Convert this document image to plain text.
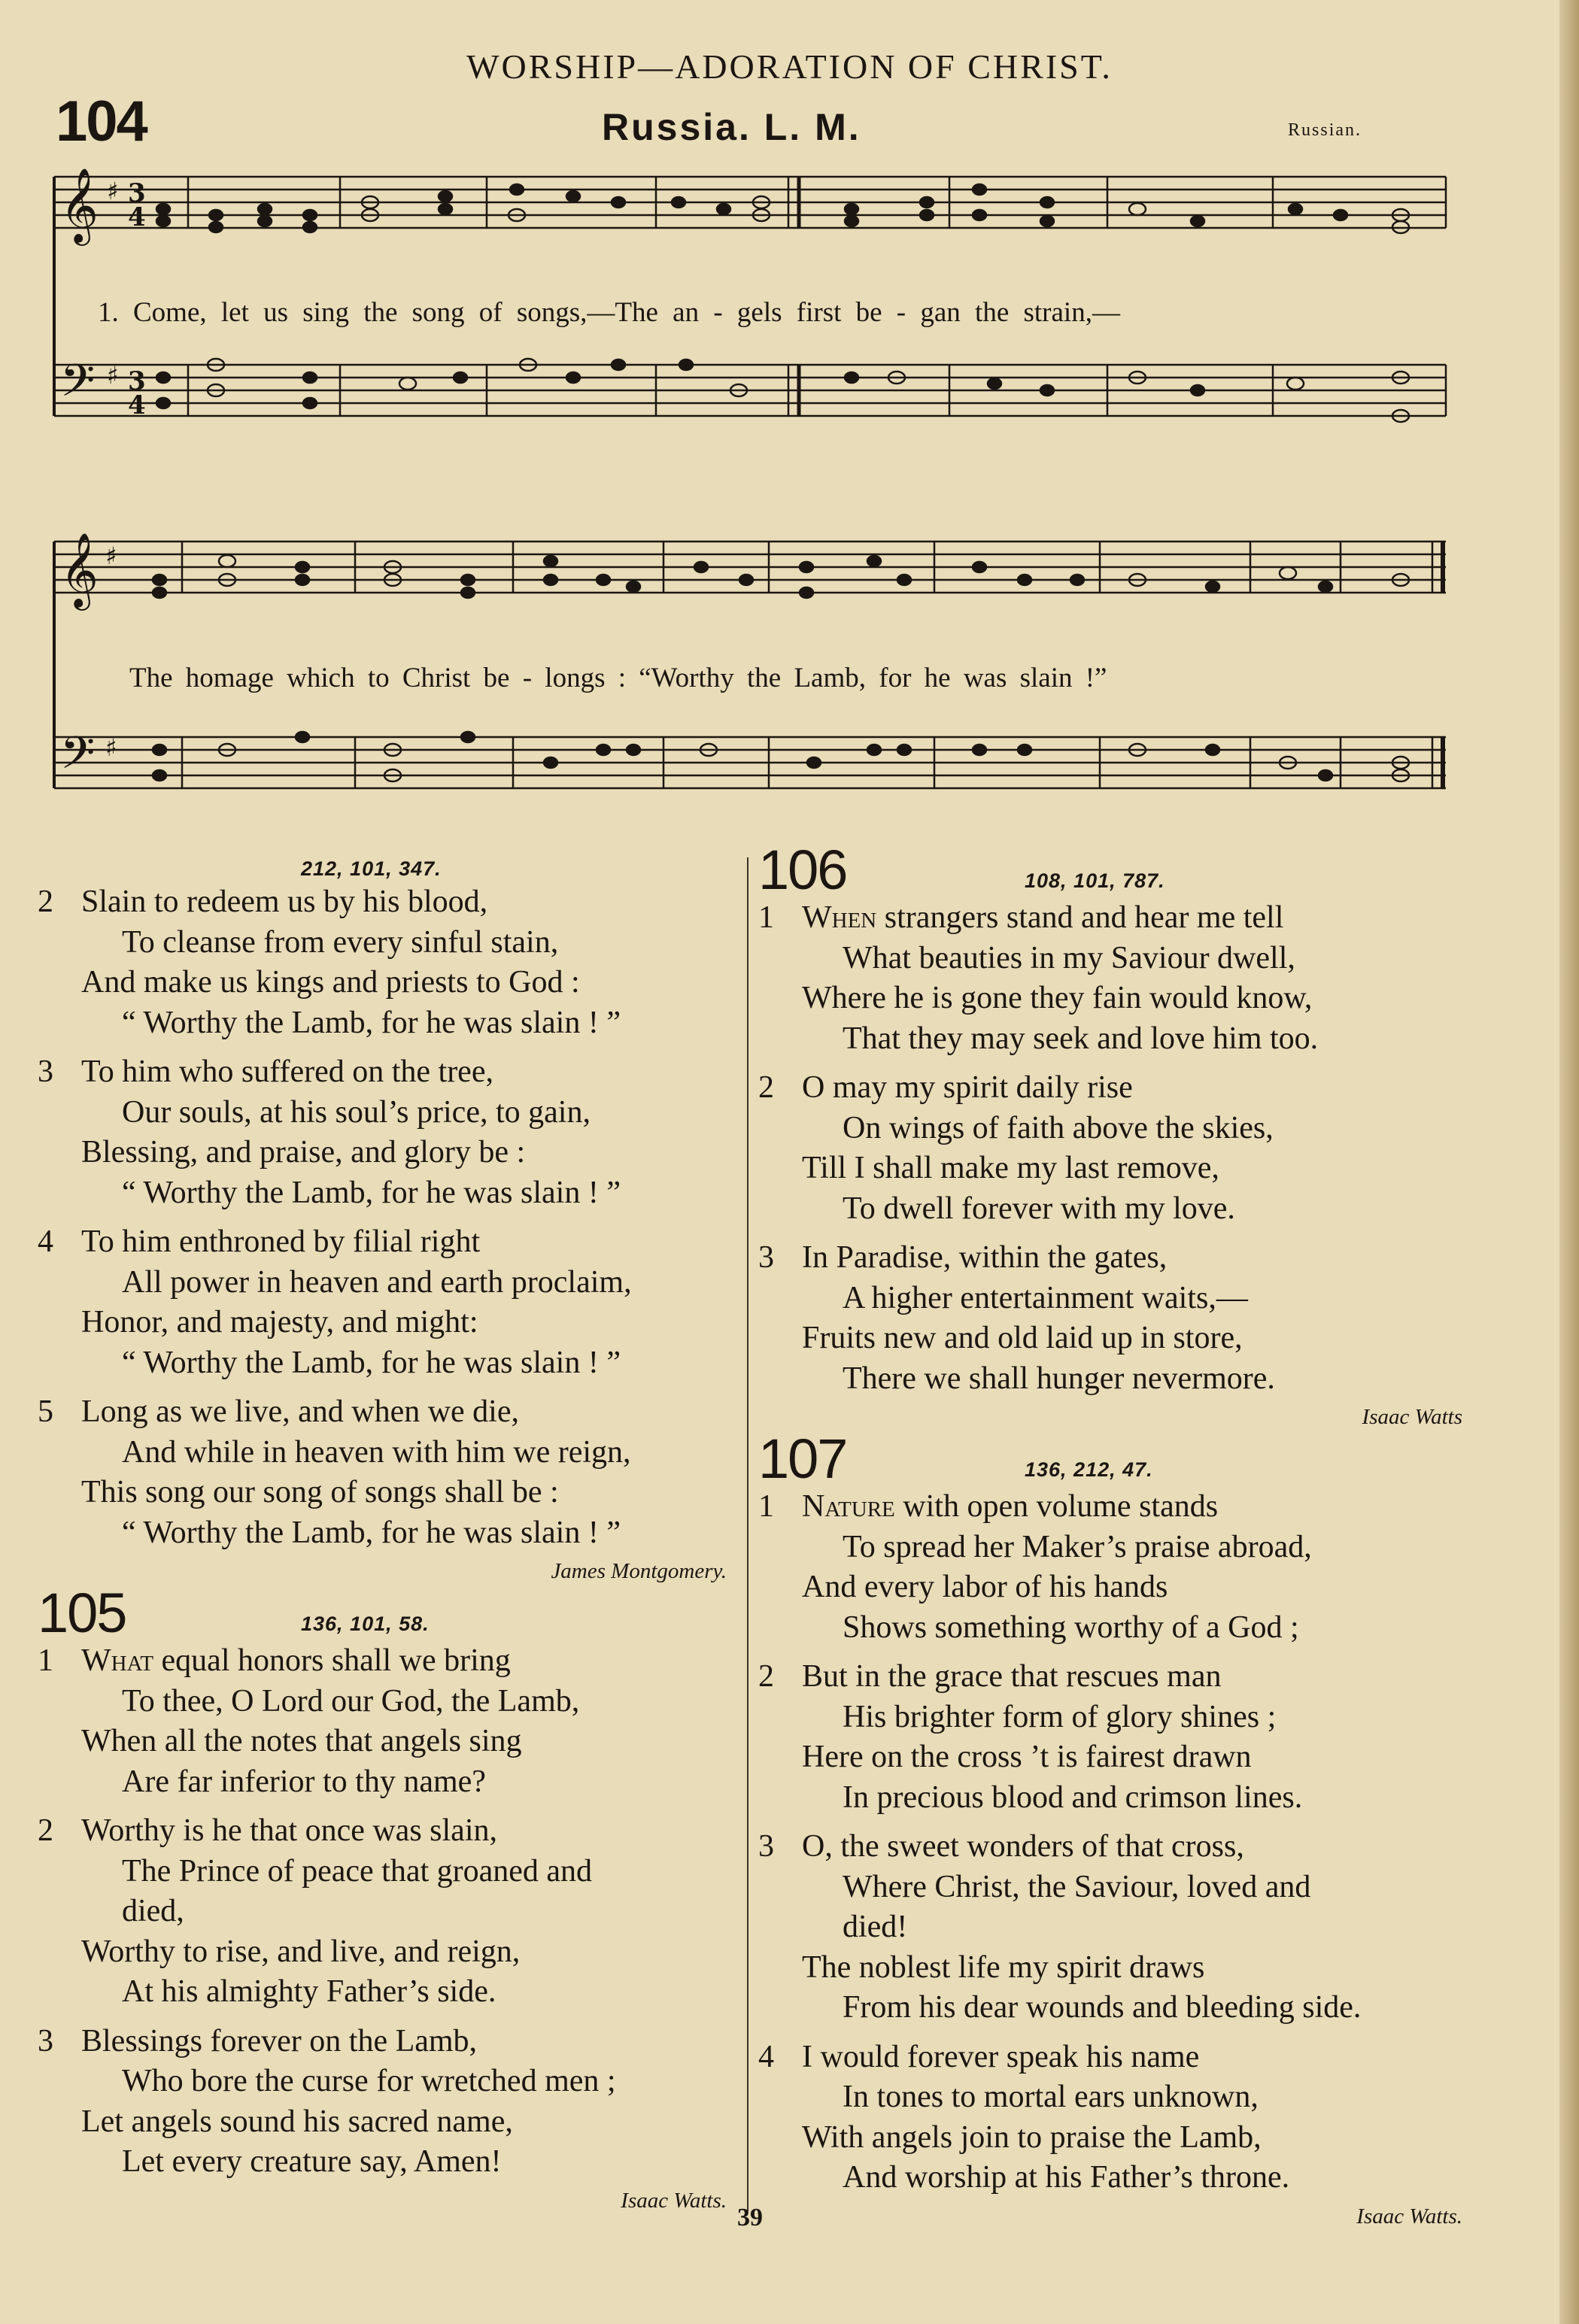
WORSHIP—ADORATION OF CHRIST.
104	Russia. L. M.	Russian.
𝄞
𝄢
♯
♯
3
4
3
4
1. Come, let us sing the song of songs,—The an - gels first be - gan the strain,—
𝄞
𝄢
♯
♯
The homage which to Christ be - longs : “Worthy the Lamb, for he was slain !”
212, 101, 347.
2 Slain to redeem us by his blood,
To cleanse from every sinful stain,
And make us kings and priests to God :
“ Worthy the Lamb, for he was slain ! ”
3 To him who suffered on the tree,
Our souls, at his soul’s price, to gain,
Blessing, and praise, and glory be :
“ Worthy the Lamb, for he was slain ! ”
4 To him enthroned by filial right
All power in heaven and earth proclaim,
Honor, and majesty, and might:
“ Worthy the Lamb, for he was slain ! ”
5 Long as we live, and when we die,
And while in heaven with him we reign,
This song our song of songs shall be :
“ Worthy the Lamb, for he was slain ! ”
James Montgomery.
105	136, 101, 58.
1 What equal honors shall we bring
To thee, O Lord our God, the Lamb,
When all the notes that angels sing
Are far inferior to thy name?
2 Worthy is he that once was slain,
The Prince of peace that groaned and
died,
Worthy to rise, and live, and reign,
At his almighty Father’s side.
3 Blessings forever on the Lamb,
Who bore the curse for wretched men ;
Let angels sound his sacred name,
Let every creature say, Amen!
Isaac Watts.
106	108, 101, 787.
1 When strangers stand and hear me tell
What beauties in my Saviour dwell,
Where he is gone they fain would know,
That they may seek and love him too.
2 O may my spirit daily rise
On wings of faith above the skies,
Till I shall make my last remove,
To dwell forever with my love.
3 In Paradise, within the gates,
A higher entertainment waits,—
Fruits new and old laid up in store,
There we shall hunger nevermore.
Isaac Watts
107	136, 212, 47.
1 Nature with open volume stands
To spread her Maker’s praise abroad,
And every labor of his hands
Shows something worthy of a God ;
2 But in the grace that rescues man
His brighter form of glory shines ;
Here on the cross ’t is fairest drawn
In precious blood and crimson lines.
3 O, the sweet wonders of that cross,
Where Christ, the Saviour, loved and
died!
The noblest life my spirit draws
From his dear wounds and bleeding side.
4 I would forever speak his name
In tones to mortal ears unknown,
With angels join to praise the Lamb,
And worship at his Father’s throne.
Isaac Watts.
39
